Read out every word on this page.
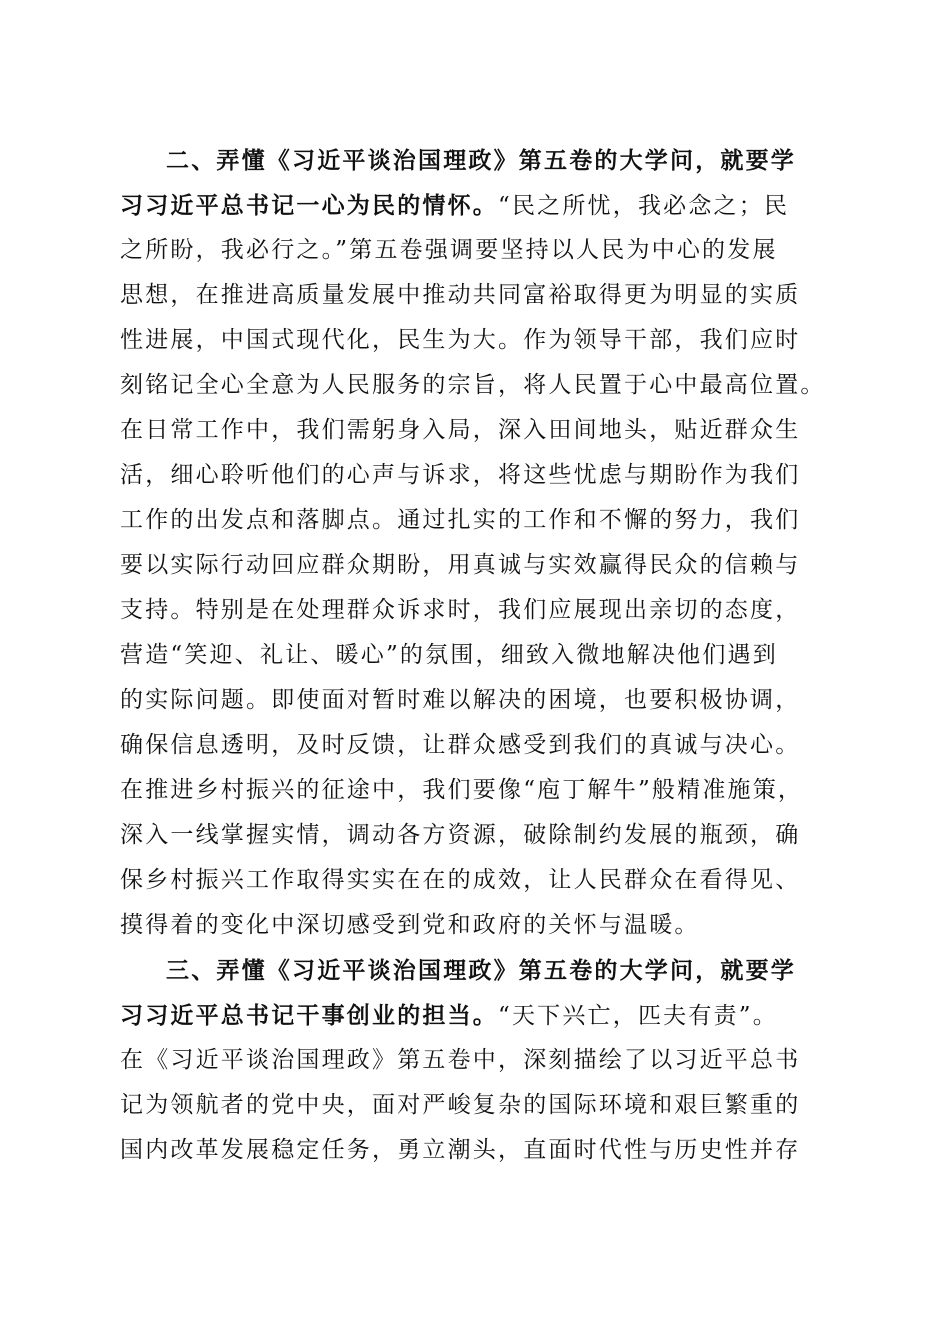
二、弄懂《习近平谈治国理政》第五卷的大学问，就要学
习习近平总书记一心为民的情怀。“民之所忧，我必念之；民
之所盼，我必行之。”第五卷强调要坚持以人民为中心的发展
思想，在推进高质量发展中推动共同富裕取得更为明显的实质
性进展，中国式现代化，民生为大。作为领导干部，我们应时
刻铭记全心全意为人民服务的宗旨，将人民置于心中最高位置。
在日常工作中，我们需躬身入局，深入田间地头，贴近群众生
活，细心聆听他们的心声与诉求，将这些忧虑与期盼作为我们
工作的出发点和落脚点。通过扎实的工作和不懈的努力，我们
要以实际行动回应群众期盼，用真诚与实效赢得民众的信赖与
支持。特别是在处理群众诉求时，我们应展现出亲切的态度，
营造“笑迎、礼让、暖心”的氛围，细致入微地解决他们遇到
的实际问题。即使面对暂时难以解决的困境，也要积极协调，
确保信息透明，及时反馈，让群众感受到我们的真诚与决心。
在推进乡村振兴的征途中，我们要像“庖丁解牛”般精准施策，
深入一线掌握实情，调动各方资源，破除制约发展的瓶颈，确
保乡村振兴工作取得实实在在的成效，让人民群众在看得见、
摸得着的变化中深切感受到党和政府的关怀与温暖。
三、弄懂《习近平谈治国理政》第五卷的大学问，就要学
习习近平总书记干事创业的担当。“天下兴亡，匹夫有责”。
在《习近平谈治国理政》第五卷中，深刻描绘了以习近平总书
记为领航者的党中央，面对严峻复杂的国际环境和艰巨繁重的
国内改革发展稳定任务，勇立潮头，直面时代性与历史性并存
